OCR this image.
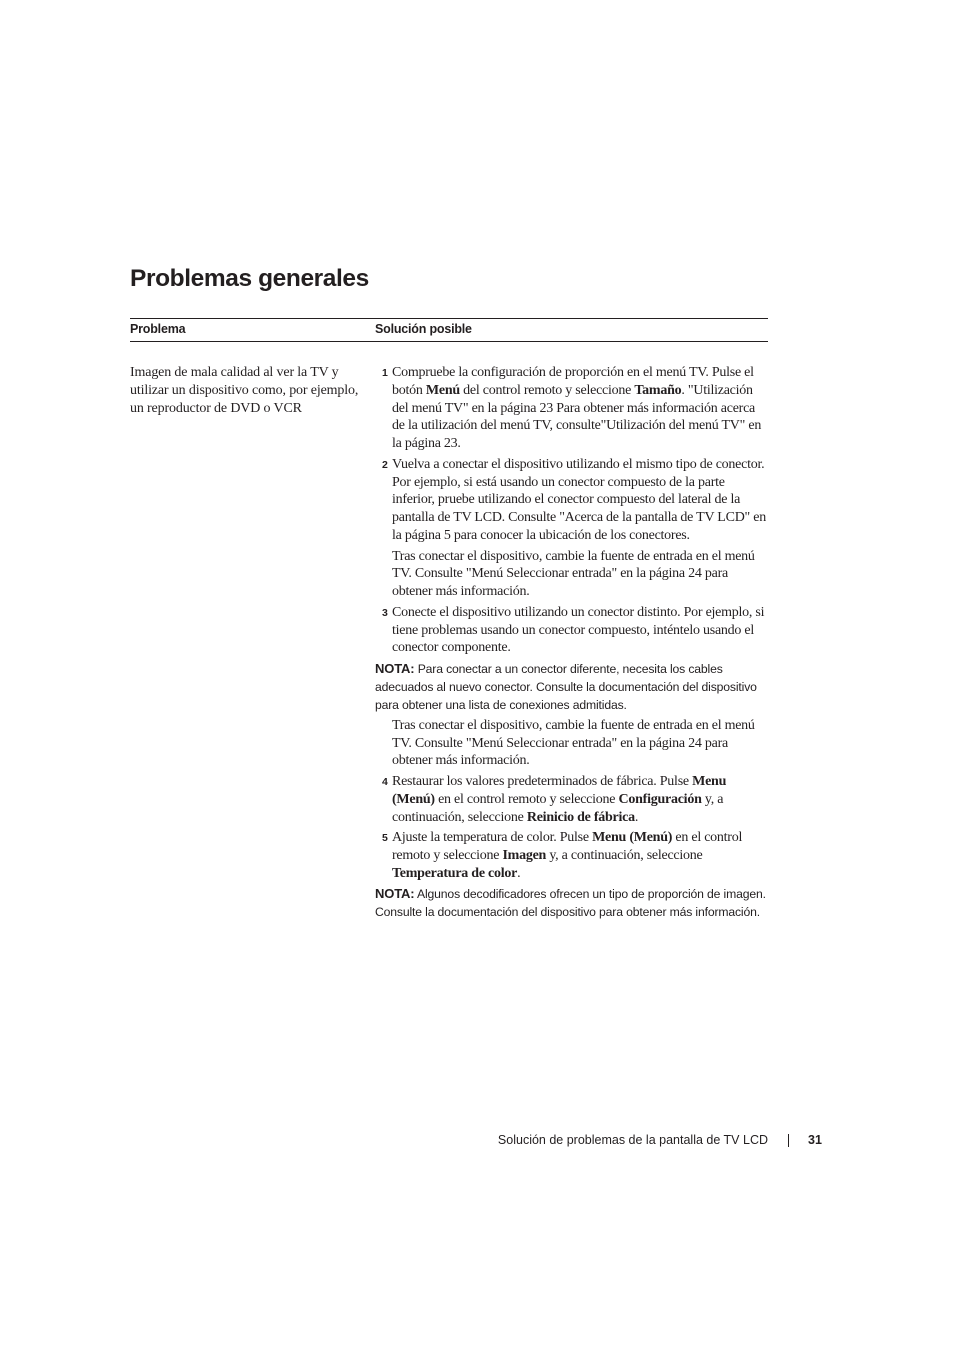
Problemas generales
Problema	Solución posible
Imagen de mala calidad al ver la TV y utilizar un dispositivo como, por ejemplo, un reproductor de DVD o VCR
1 Compruebe la configuración de proporción en el menú TV. Pulse el botón Menú del control remoto y seleccione Tamaño. "Utilización del menú TV" en la página 23 Para obtener más información acerca de la utilización del menú TV, consulte"Utilización del menú TV" en la página 23.
2 Vuelva a conectar el dispositivo utilizando el mismo tipo de conector. Por ejemplo, si está usando un conector compuesto de la parte inferior, pruebe utilizando el conector compuesto del lateral de la pantalla de TV LCD. Consulte "Acerca de la pantalla de TV LCD" en la página 5 para conocer la ubicación de los conectores.
Tras conectar el dispositivo, cambie la fuente de entrada en el menú TV. Consulte "Menú Seleccionar entrada" en la página 24 para obtener más información.
3 Conecte el dispositivo utilizando un conector distinto. Por ejemplo, si tiene problemas usando un conector compuesto, inténtelo usando el conector componente.
NOTA: Para conectar a un conector diferente, necesita los cables adecuados al nuevo conector. Consulte la documentación del dispositivo para obtener una lista de conexiones admitidas.
Tras conectar el dispositivo, cambie la fuente de entrada en el menú TV. Consulte "Menú Seleccionar entrada" en la página 24 para obtener más información.
4 Restaurar los valores predeterminados de fábrica. Pulse Menu (Menú) en el control remoto y seleccione Configuración y, a continuación, seleccione Reinicio de fábrica.
5 Ajuste la temperatura de color. Pulse Menu (Menú) en el control remoto y seleccione Imagen y, a continuación, seleccione Temperatura de color.
NOTA: Algunos decodificadores ofrecen un tipo de proporción de imagen. Consulte la documentación del dispositivo para obtener más información.
Solución de problemas de la pantalla de TV LCD	31
